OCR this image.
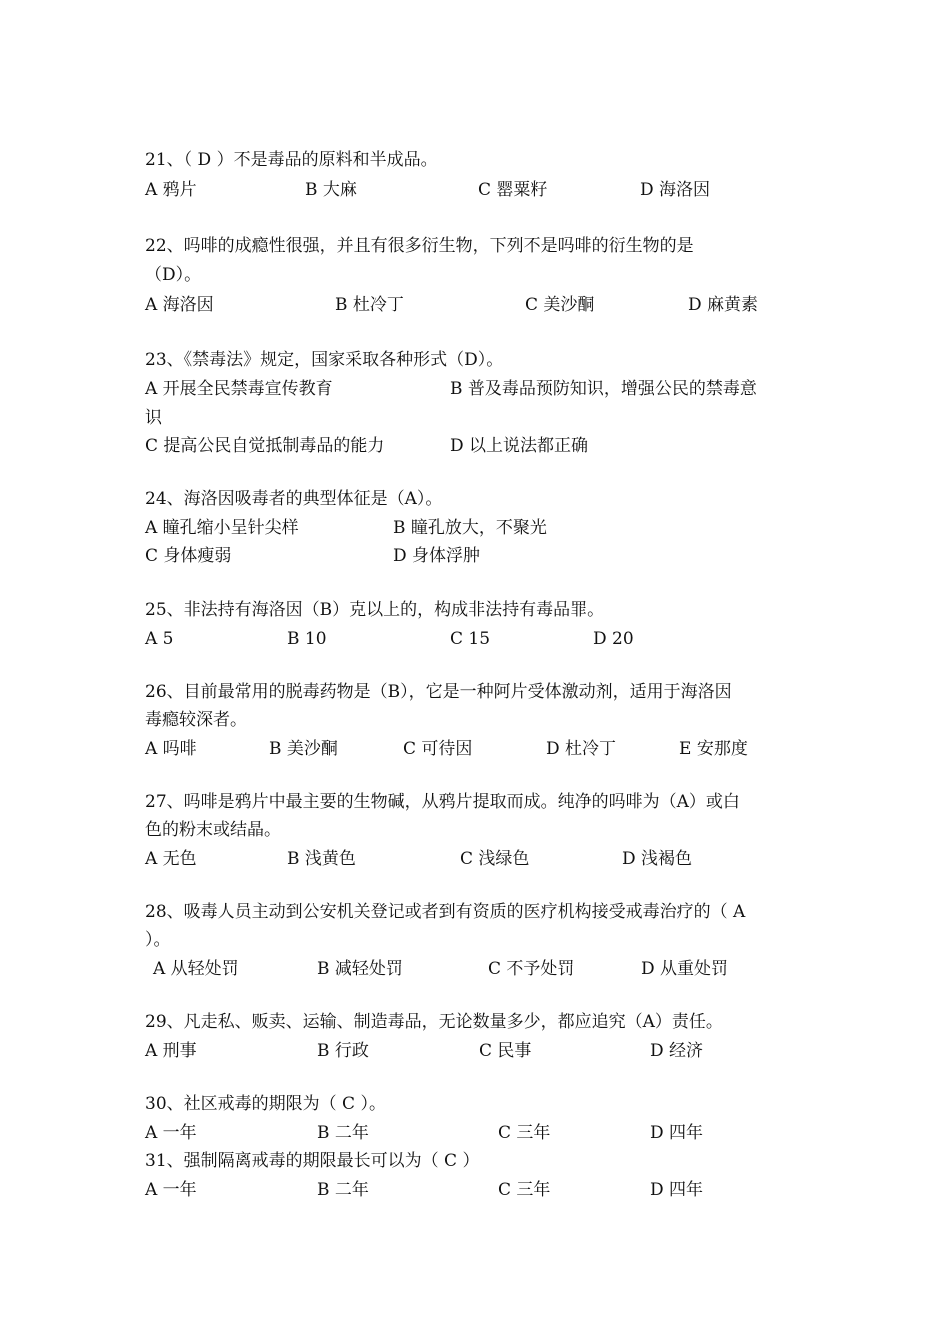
21、（ D ）不是毒品的原料和半成品。
A 鸦片	B 大麻	C 罂粟籽	D 海洛因
22、吗啡的成瘾性很强，并且有很多衍生物，下列不是吗啡的衍生物的是
（D）。
A 海洛因	B 杜冷丁	C 美沙酮	D 麻黄素
23、《禁毒法》规定，国家采取各种形式（D）。
A 开展全民禁毒宣传教育	B 普及毒品预防知识，增强公民的禁毒意
识
C 提高公民自觉抵制毒品的能力	D 以上说法都正确
24、海洛因吸毒者的典型体征是（A）。
A 瞳孔缩小呈针尖样	B 瞳孔放大，不聚光
C 身体瘦弱	D 身体浮肿
25、非法持有海洛因（B）克以上的，构成非法持有毒品罪。
A 5	B 10	C 15	D 20
26、目前最常用的脱毒药物是（B），它是一种阿片受体激动剂，适用于海洛因
毒瘾较深者。
A 吗啡	B 美沙酮	C 可待因	D 杜冷丁	E 安那度
27、吗啡是鸦片中最主要的生物碱，从鸦片提取而成。纯净的吗啡为（A）或白
色的粉末或结晶。
A 无色	B 浅黄色	C 浅绿色	D 浅褐色
28、吸毒人员主动到公安机关登记或者到有资质的医疗机构接受戒毒治疗的（ A
）。
A 从轻处罚	B 减轻处罚	C 不予处罚	D 从重处罚
29、凡走私、贩卖、运输、制造毒品，无论数量多少，都应追究（A）责任。
A 刑事	B 行政	C 民事	D 经济
30、社区戒毒的期限为（ C ）。
A 一年	B 二年	C 三年	D 四年
31、强制隔离戒毒的期限最长可以为（ C ）
A 一年	B 二年	C 三年	D 四年
